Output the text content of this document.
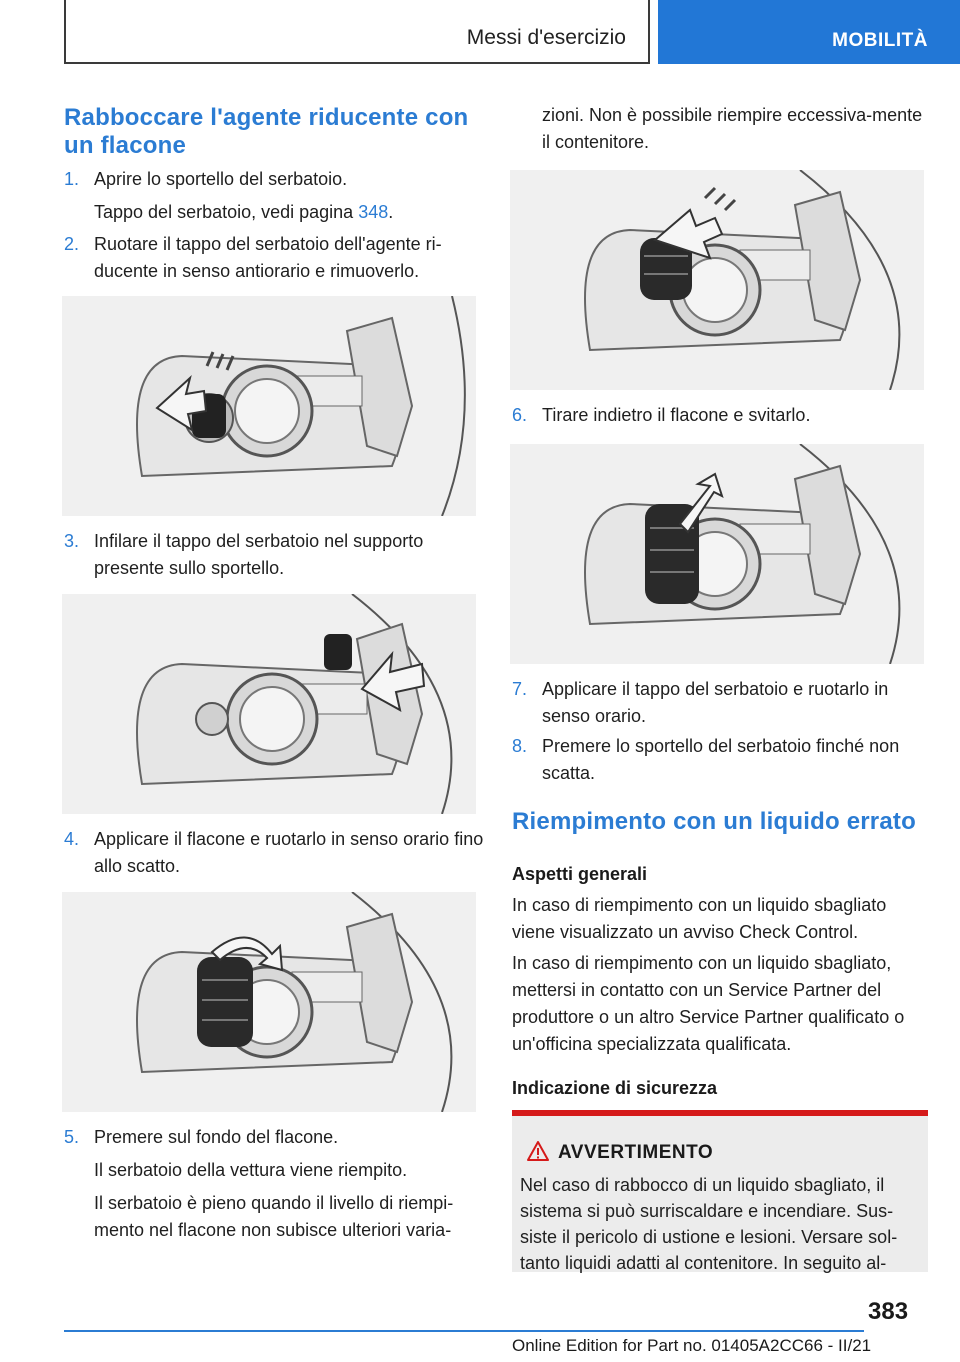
Messi d'esercizio	MOBILITÀ
Rabboccare l'agente riducente con un flacone
1. Aprire lo sportello del serbatoio.
Tappo del serbatoio, vedi pagina 348.
2. Ruotare il tappo del serbatoio dell'agente ri-ducente in senso antiorario e rimuoverlo.
3. Infilare il tappo del serbatoio nel supporto presente sullo sportello.
4. Applicare il flacone e ruotarlo in senso orario fino allo scatto.
5. Premere sul fondo del flacone.
Il serbatoio della vettura viene riempito.
Il serbatoio è pieno quando il livello di riempi-mento nel flacone non subisce ulteriori varia-
zioni. Non è possibile riempire eccessiva-mente il contenitore.
6. Tirare indietro il flacone e svitarlo.
7. Applicare il tappo del serbatoio e ruotarlo in senso orario.
8. Premere lo sportello del serbatoio finché non scatta.
Riempimento con un liquido errato
Aspetti generali
In caso di riempimento con un liquido sbagliato viene visualizzato un avviso Check Control.
In caso di riempimento con un liquido sbagliato, mettersi in contatto con un Service Partner del produttore o un altro Service Partner qualificato o un'officina specializzata qualificata.
Indicazione di sicurezza
AVVERTIMENTO
Nel caso di rabbocco di un liquido sbagliato, il sistema si può surriscaldare e incendiare. Sus-siste il pericolo di ustione e lesioni. Versare sol-tanto liquidi adatti al contenitore. In seguito al-
383
Online Edition for Part no. 01405A2CC66 - II/21
